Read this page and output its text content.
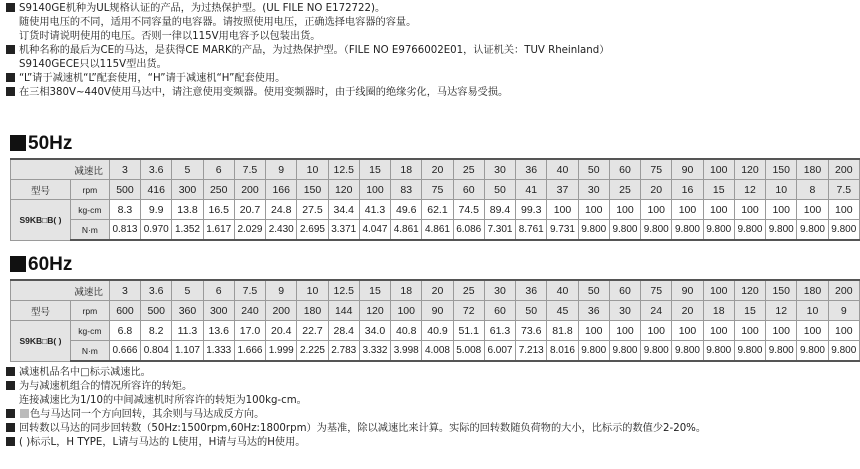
S9140GE机种为UL规格认证的产品，为过热保护型。(UL FILE NO E172722)。
随使用电压的不同，适用不同容量的电容器。请按照使用电压，正确选择电容器的容量。
订货时请说明使用的电压。否则一律以115V用电容予以包装出货。
机种名称的最后为CE的马达，是获得CE MARK的产品，为过热保护型。（FILE NO E9766002E01，认证机关：TUV Rheinland）
S9140GECE只以115V型出货。
“L”请于减速机“L”配套使用，“H”请于减速机“H”配套使用。
在三相380V~440V使用马达中，请注意使用变频器。使用变频器时，由于线圈的绝缘劣化，马达容易受损。
50Hz
减速比		3	3.6	5	6	7.5	9	10	12.5	15	18	20	25	30	36	40	50	60	75	90	100	120	150	180	200
型号	rpm	500	416	300	250	200	166	150	120	100	83	75	60	50	41	37	30	25	20	16	15	12	10	8	7.5
S9KB□B( )	kg-cm	8.3	9.9	13.8	16.5	20.7	24.8	27.5	34.4	41.3	49.6	62.1	74.5	89.4	99.3	100	100	100	100	100	100	100	100	100	100
	N·m	0.813	0.970	1.352	1.617	2.029	2.430	2.695	3.371	4.047	4.861	4.861	6.086	7.301	8.761	9.731	9.800	9.800	9.800	9.800	9.800	9.800	9.800	9.800	9.800
60Hz
减速比		3	3.6	5	6	7.5	9	10	12.5	15	18	20	25	30	36	40	50	60	75	90	100	120	150	180	200
型号	rpm	600	500	360	300	240	200	180	144	120	100	90	72	60	50	45	36	30	24	20	18	15	12	10	9
S9KB□B( )	kg-cm	6.8	8.2	11.3	13.6	17.0	20.4	22.7	28.4	34.0	40.8	40.9	51.1	61.3	73.6	81.8	100	100	100	100	100	100	100	100	100
	N·m	0.666	0.804	1.107	1.333	1.666	1.999	2.225	2.783	3.332	3.998	4.008	5.008	6.007	7.213	8.016	9.800	9.800	9.800	9.800	9.800	9.800	9.800	9.800	9.800
减速机品名中□标示减速比。
为与减速机组合的情况所容许的转矩。
连接减速比为1/10的中间减速机时所容许的转矩为100kg-cm。
色与马达同一个方向回转，其余则与马达成反方向。
回转数以马达的同步回转数（50Hz:1500rpm,60Hz:1800rpm）为基准，除以减速比来计算。实际的回转数随负荷物的大小，比标示的数值少2-20%。
( )标示L，H TYPE，L请与马达的 L使用，H请与马达的H使用。
